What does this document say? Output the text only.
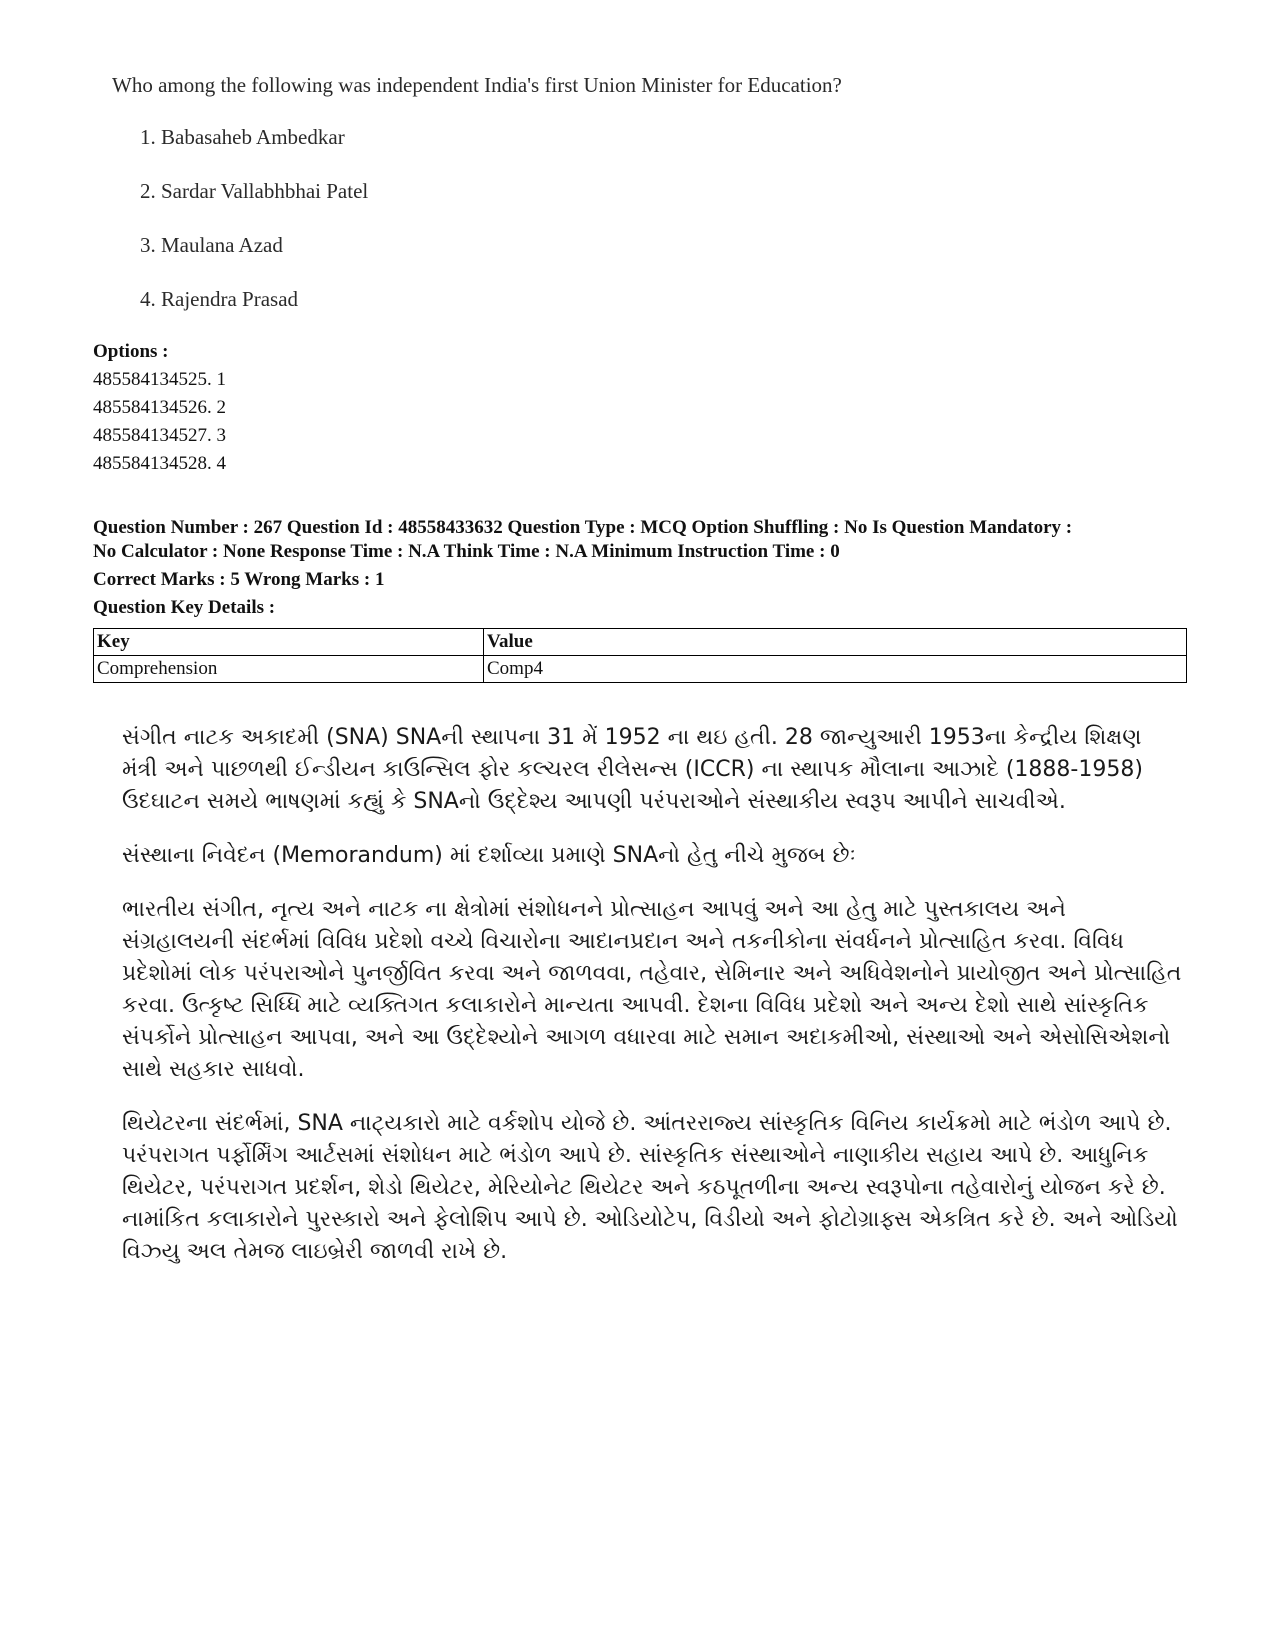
Who among the following was independent India's first Union Minister for Education?

1. Babasaheb Ambedkar
2. Sardar Vallabhbhai Patel
3. Maulana Azad
4. Rajendra Prasad
Options :
485584134525. 1
485584134526. 2
485584134527. 3
485584134528. 4

Question Number : 267 Question Id : 48558433632 Question Type : MCQ Option Shuffling : No Is Question Mandatory :

No Calculator : None Response Time : N.A Think Time : N.A Minimum Instruction Time : 0

Correct Marks : 5 Wrong Marks : 1

Question Key Details :

Key	Value
Comprehension	Comp4

સંગીત નાટક અકાદમી (SNA) SNAની સ્થાપના 31 મેં 1952 ના થઇ હતી. 28 જાન્યુઆરી 1953ના કેન્દ્રીય શિક્ષણ મંત્રી અને પાછળથી ઈન્ડીયન કાઉન્સિલ ફોર કલ્ચરલ રીલેસન્સ (ICCR) ના સ્થાપક મૌલાના આઝાદે (1888-1958) ઉદઘાટન સમયે ભાષણમાં કહ્યું કે SNAનો ઉદ્દેશ્ય આપણી પરંપરાઓને સંસ્થાકીય સ્વરૂપ આપીને સાચવીએ.

સંસ્થાના નિવેદન (Memorandum) માં દર્શાવ્યા પ્રમાણે SNAનો હેતુ નીચે મુજબ છેઃ

ભારતીય સંગીત, નૃત્ય અને નાટક ના ક્ષેત્રોમાં સંશોધનને પ્રોત્સાહન આપવું અને આ હેતુ માટે પુસ્તકાલય અને સંગ્રહાલયની સંદર્ભમાં વિવિધ પ્રદેશો વચ્ચે વિચારોના આદાનપ્રદાન અને તકનીકોના સંવર્ધનને પ્રોત્સાહિત કરવા. વિવિધ પ્રદેશોમાં લોક પરંપરાઓને પુનર્જીવિત કરવા અને જાળવવા, તહેવાર, સેમિનાર અને અધિવેશનોને પ્રાયોજીત અને પ્રોત્સાહિત કરવા. ઉત્કૃષ્ટ સિધ્ધિ માટે વ્યક્તિગત કલાકારોને માન્યતા આપવી. દેશના વિવિધ પ્રદેશો અને અન્ય દેશો સાથે સાંસ્કૃતિક સંપર્કોને પ્રોત્સાહન આપવા, અને આ ઉદ્દેશ્યોને આગળ વધારવા માટે સમાન અદાકમીઓ, સંસ્થાઓ અને એસોસિએશનો સાથે સહકાર સાધવો.

થિયેટરના સંદર્ભમાં, SNA નાટ્યકારો માટે વર્કશોપ યોજે છે. આંતરરાજ્ય સાંસ્કૃતિક વિનિય કાર્યક્રમો માટે ભંડોળ આપે છે. પરંપરાગત પર્ફોર્મિંગ આર્ટસમાં સંશોધન માટે ભંડોળ આપે છે. સાંસ્કૃતિક સંસ્થાઓને નાણાકીય સહાય આપે છે. આધુનિક થિયેટર, પરંપરાગત પ્રદર્શન, શેડો થિયેટર, મેરિયોનેટ થિયેટર અને કઠપૂતળીના અન્ય સ્વરૂપોના તહેવારોનું યોજન કરે છે. નામાંકિત કલાકારોને પુરસ્કારો અને ફેલોશિપ આપે છે. ઓડિયોટેપ, વિડીયો અને ફોટોગ્રાફ્સ એકત્રિત કરે છે. અને ઓડિયો વિઝ્યુ અલ તેમજ લાઇબ્રેરી જાળવી રાખે છે.
